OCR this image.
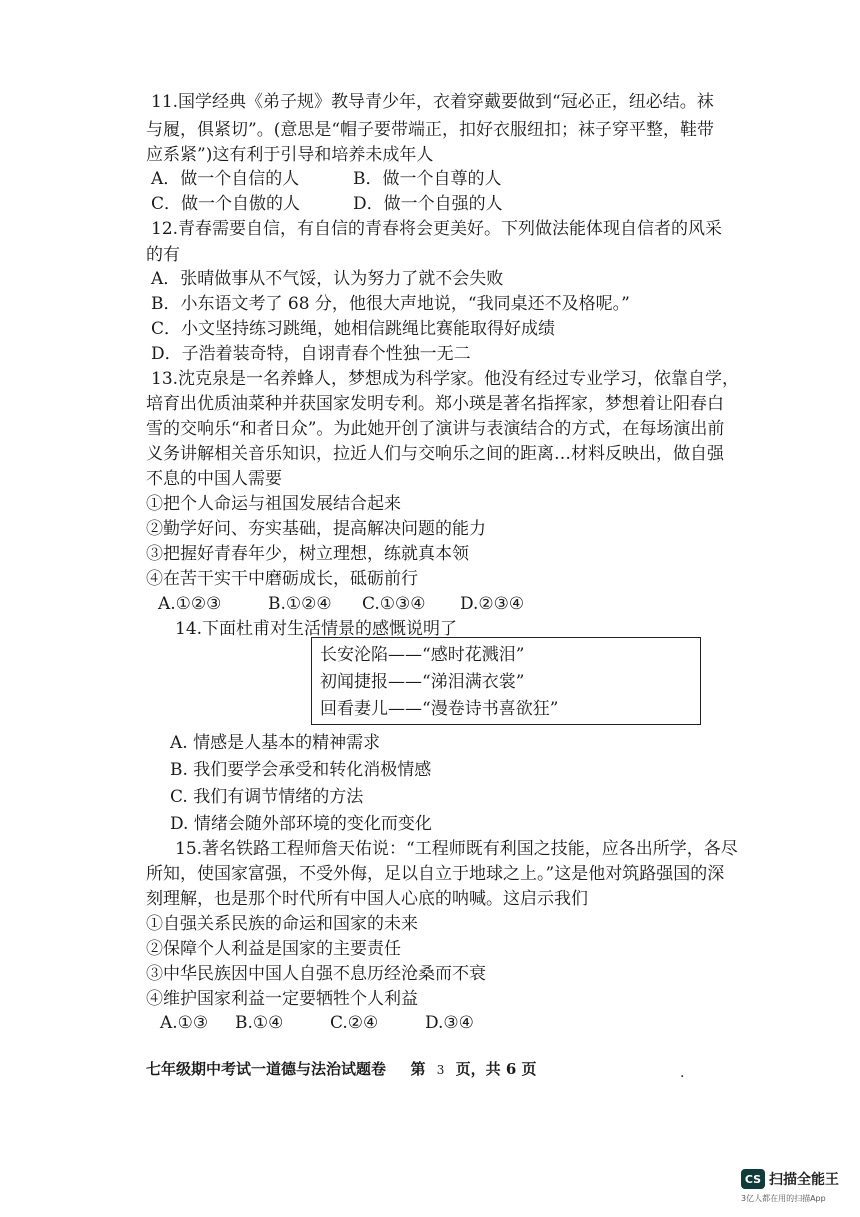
11.国学经典《弟子规》教导青少年，衣着穿戴要做到“冠必正，纽必结。袜
与履，俱紧切”。(意思是“帽子要带端正，扣好衣服纽扣；袜子穿平整，鞋带
应系紧”)这有利于引导和培养未成年人
A．做一个自信的人	B．做一个自尊的人
C．做一个自傲的人	D．做一个自强的人
12.青春需要自信，有自信的青春将会更美好。下列做法能体现自信者的风采
的有
A．张晴做事从不气馁，认为努力了就不会失败
B．小东语文考了 68 分，他很大声地说，“我同桌还不及格呢。”
C．小文坚持练习跳绳，她相信跳绳比赛能取得好成绩
D．子浩着装奇特，自诩青春个性独一无二
13.沈克泉是一名养蜂人，梦想成为科学家。他没有经过专业学习，依靠自学，
培育出优质油菜种并获国家发明专利。郑小瑛是著名指挥家，梦想着让阳春白
雪的交响乐“和者日众”。为此她开创了演讲与表演结合的方式，在每场演出前
义务讲解相关音乐知识，拉近人们与交响乐之间的距离…材料反映出，做自强
不息的中国人需要
①把个人命运与祖国发展结合起来
②勤学好问、夯实基础，提高解决问题的能力
③把握好青春年少，树立理想，练就真本领
④在苦干实干中磨砺成长，砥砺前行
A.①②③	B.①②④ C.①③④ D.②③④
14.下面杜甫对生活情景的感慨说明了
长安沦陷——“感时花溅泪”
初闻捷报——“涕泪满衣裳”
回看妻儿——“漫卷诗书喜欲狂”
A. 情感是人基本的精神需求
B. 我们要学会承受和转化消极情感
C. 我们有调节情绪的方法
D. 情绪会随外部环境的变化而变化
15.著名铁路工程师詹天佑说：“工程师既有利国之技能，应各出所学，各尽
所知，使国家富强，不受外侮，足以自立于地球之上。”这是他对筑路强国的深
刻理解，也是那个时代所有中国人心底的呐喊。这启示我们
①自强关系民族的命运和国家的未来
②保障个人利益是国家的主要责任
③中华民族因中国人自强不息历经沧桑而不衰
④维护国家利益一定要牺牲个人利益
A.①③ B.①④	C.②④	D.③④
七年级期中考试一道德与法治试题卷 第 3 页，共 6 页	.
CS 扫描全能王
3亿人都在用的扫描App
